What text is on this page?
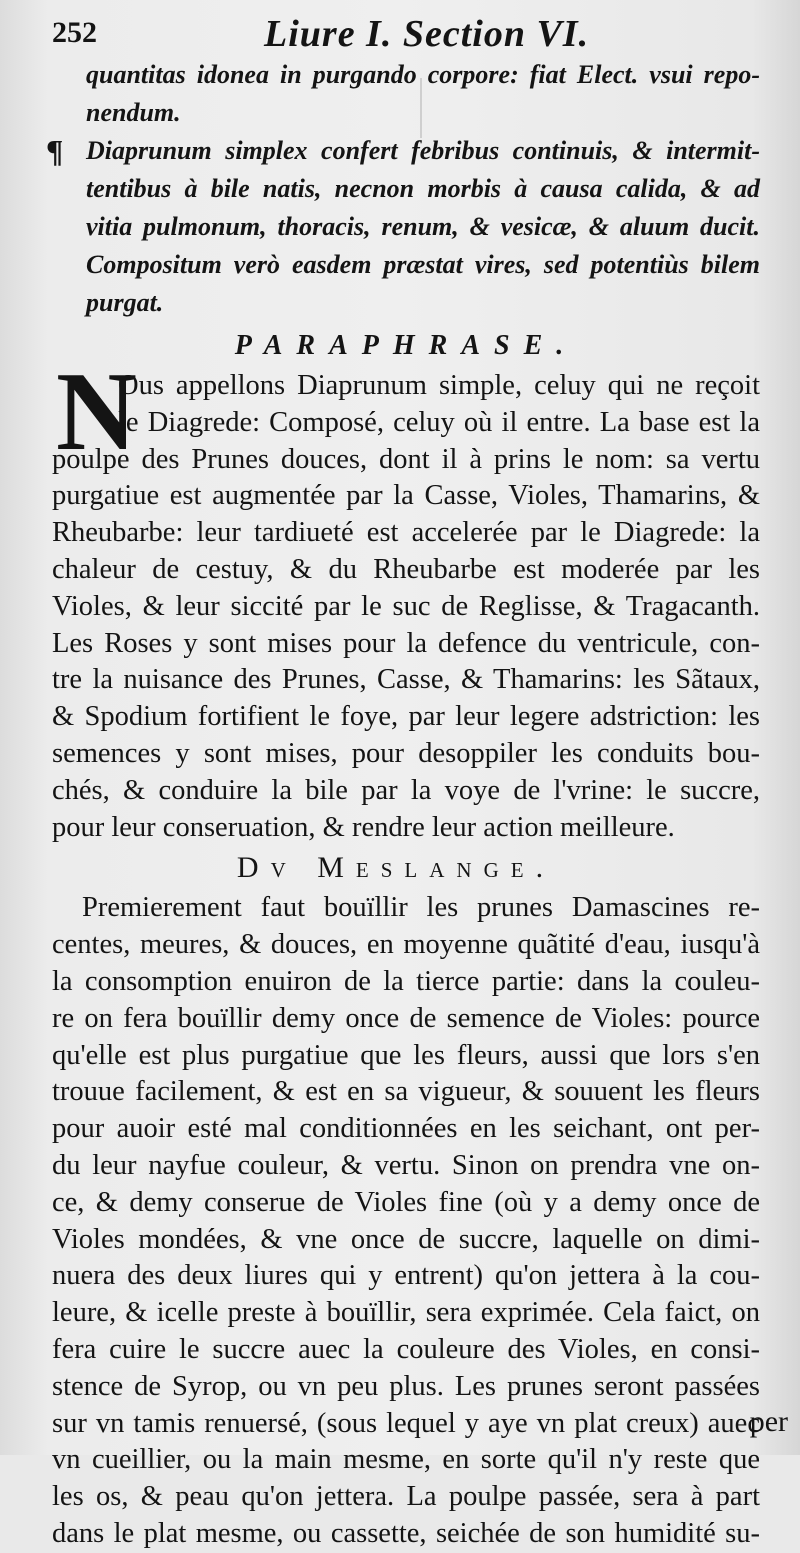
252	Liure I. Section VI.
quantitas idonea in purgando corpore: fiat Elect. vsui repo-
nendum.
¶ Diaprunum simplex confert febribus continuis, & intermit-
tentibus à bile natis, necnon morbis à causa calida, & ad
vitia pulmonum, thoracis, renum, & vesicæ, & aluum ducit.
Compositum verò easdem præstat vires, sed potentiùs bilem
purgat.
PARAPHRASE.
N
Ous appellons Diaprunum simple, celuy qui ne reçoit
le Diagrede: Composé, celuy où il entre. La base est la
poulpe des Prunes douces, dont il à prins le nom: sa vertu
purgatiue est augmentée par la Casse, Violes, Thamarins, &
Rheubarbe: leur tardiueté est accelerée par le Diagrede: la
chaleur de cestuy, & du Rheubarbe est moderée par les
Violes, & leur siccité par le suc de Reglisse, & Tragacanth.
Les Roses y sont mises pour la defence du ventricule, con-
tre la nuisance des Prunes, Casse, & Thamarins: les Sãtaux,
& Spodium fortifient le foye, par leur legere adstriction: les
semences y sont mises, pour desoppiler les conduits bou-
chés, & conduire la bile par la voye de l'vrine: le succre,
pour leur conseruation, & rendre leur action meilleure.
Dv Meslange.
Premierement faut bouïllir les prunes Damascines re-
centes, meures, & douces, en moyenne quãtité d'eau, iusqu'à
la consomption enuiron de la tierce partie: dans la couleu-
re on fera bouïllir demy once de semence de Violes: pource
qu'elle est plus purgatiue que les fleurs, aussi que lors s'en
trouue facilement, & est en sa vigueur, & souuent les fleurs
pour auoir esté mal conditionnées en les seichant, ont per-
du leur nayfue couleur, & vertu. Sinon on prendra vne on-
ce, & demy conserue de Violes fine (où y a demy once de
Violes mondées, & vne once de succre, laquelle on dimi-
nuera des deux liures qui y entrent) qu'on jettera à la cou-
leure, & icelle preste à bouïllir, sera exprimée. Cela faict, on
fera cuire le succre auec la couleure des Violes, en consi-
stence de Syrop, ou vn peu plus. Les prunes seront passées
sur vn tamis renuersé, (sous lequel y aye vn plat creux) auec
vn cueillier, ou la main mesme, en sorte qu'il n'y reste que
les os, & peau qu'on jettera. La poulpe passée, sera à part
dans le plat mesme, ou cassette, seichée de son humidité su-
per
